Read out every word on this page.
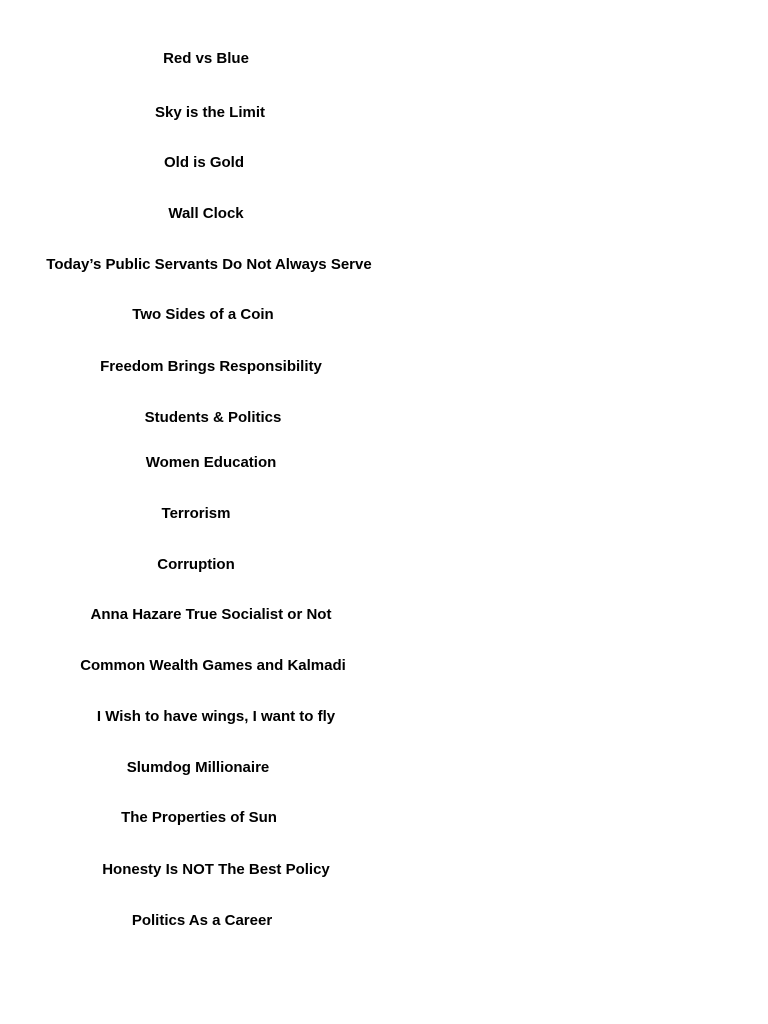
Red vs Blue
Sky is the Limit
Old is Gold
Wall Clock
Today’s Public Servants Do Not Always Serve
Two Sides of a Coin
Freedom Brings Responsibility
Students & Politics
Women Education
Terrorism
Corruption
Anna Hazare True Socialist or Not
Common Wealth Games and Kalmadi
I Wish to have wings, I want to fly
Slumdog Millionaire
The Properties of Sun
Honesty Is NOT The Best Policy
Politics As a Career
